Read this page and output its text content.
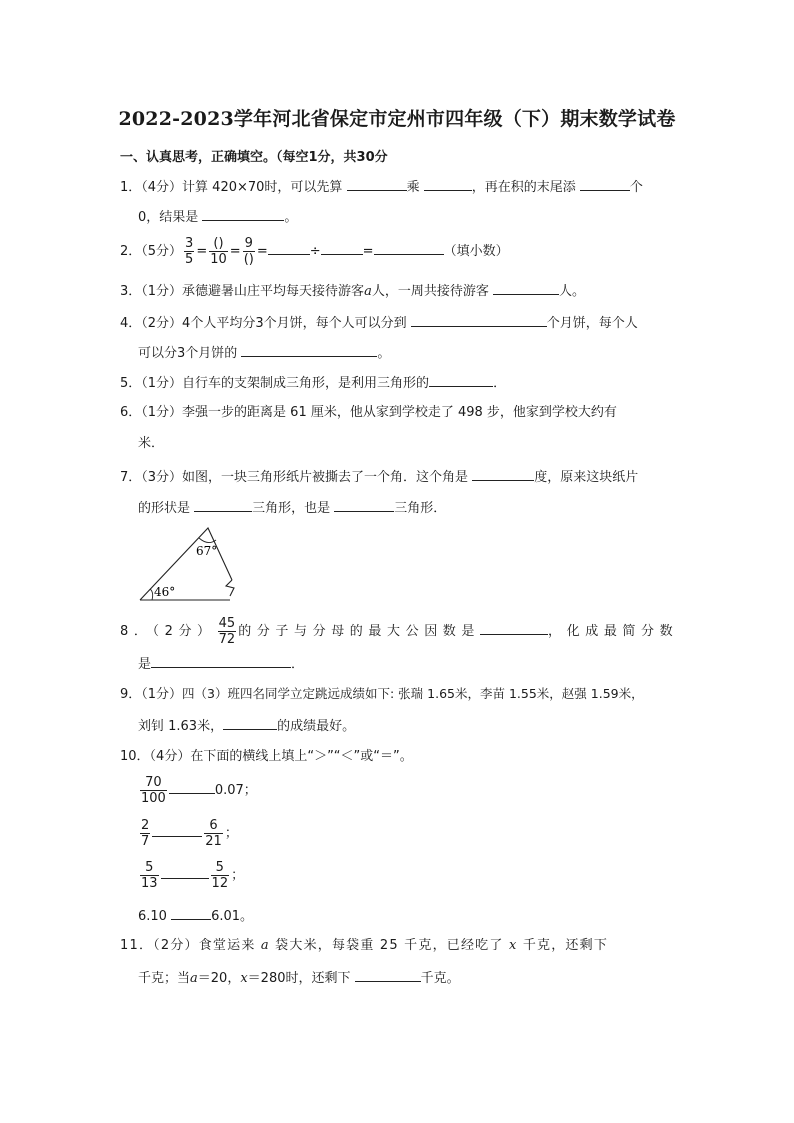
2022-2023学年河北省保定市定州市四年级（下）期末数学试卷
一、认真思考，正确填空。（每空1分，共30分
1．（4分）计算 420×70时，可以先算	乘	，再在积的末尾添	个
0，结果是	。
2．（5分） $\frac{3}{5} = \frac{()}{10} = \frac{9}{()}$ =	÷	=	（填小数）
3．（1分）承德避暑山庄平均每天接待游客a人，一周共接待游客	人。
4．（2分）4个人平均分3个月饼，每个人可以分到	个月饼，每个人
可以分3个月饼的	。
5．（1分）自行车的支架制成三角形，是利用三角形的	．
6．（1分）李强一步的距离是 61 厘米，他从家到学校走了 498 步，他家到学校大约有
米．
7．（3分）如图，一块三角形纸片被撕去了一个角．这个角是	度，原来这块纸片
的形状是	三角形，也是	三角形．
67°
46°
8．（2分） $\frac{45}{72}$ 的分子与分母的最大公因数是	，化成最简分数
是	．
9．（1分）四（3）班四名同学立定跳远成绩如下: 张瑞 1.65米，李苗 1.55米，赵强 1.59米，
刘钊 1.63米，	的成绩最好。
10．（4分）在下面的横线上填上“＞”“＜”或“＝”。
$\frac{70}{100}$	0.07；
$\frac{2}{7}$	$\frac{6}{21}$ ；
$\frac{5}{13}$	$\frac{5}{12}$ ；
6.10	6.01。
11．（2分）食堂运来 a 袋大米，每袋重 25 千克，已经吃了 x 千克，还剩下
千克；当a＝20，x＝280时，还剩下	千克。
